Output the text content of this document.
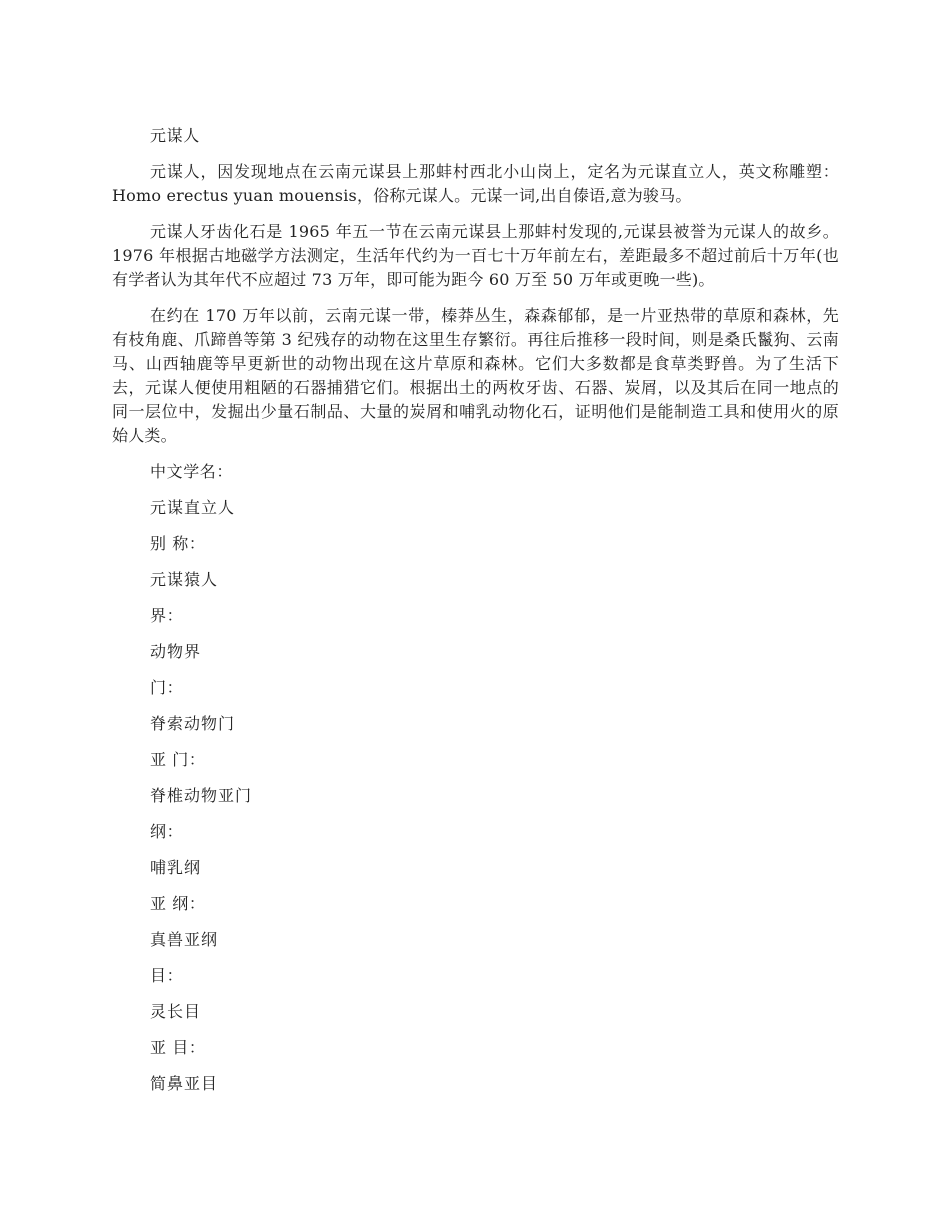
元谋人

元谋人，因发现地点在云南元谋县上那蚌村西北小山岗上，定名为元谋直立人，英文称雕塑：Homo erectus yuan mouensis，俗称元谋人。元谋一词,出自傣语,意为骏马。

元谋人牙齿化石是 1965 年五一节在云南元谋县上那蚌村发现的,元谋县被誉为元谋人的故乡。1976 年根据古地磁学方法测定，生活年代约为一百七十万年前左右，差距最多不超过前后十万年(也有学者认为其年代不应超过 73 万年，即可能为距今 60 万至 50 万年或更晚一些)。

在约在 170 万年以前，云南元谋一带，榛莽丛生，森森郁郁，是一片亚热带的草原和森林，先有枝角鹿、爪蹄兽等第 3 纪残存的动物在这里生存繁衍。再往后推移一段时间，则是桑氏鬣狗、云南马、山西轴鹿等早更新世的动物出现在这片草原和森林。它们大多数都是食草类野兽。为了生活下去，元谋人便使用粗陋的石器捕猎它们。根据出土的两枚牙齿、石器、炭屑，以及其后在同一地点的同一层位中，发掘出少量石制品、大量的炭屑和哺乳动物化石，证明他们是能制造工具和使用火的原始人类。

中文学名：

元谋直立人

别 称：

元谋猿人

界：

动物界

门：

脊索动物门

亚 门：

脊椎动物亚门

纲：

哺乳纲

亚 纲：

真兽亚纲

目：

灵长目

亚 目：

简鼻亚目
